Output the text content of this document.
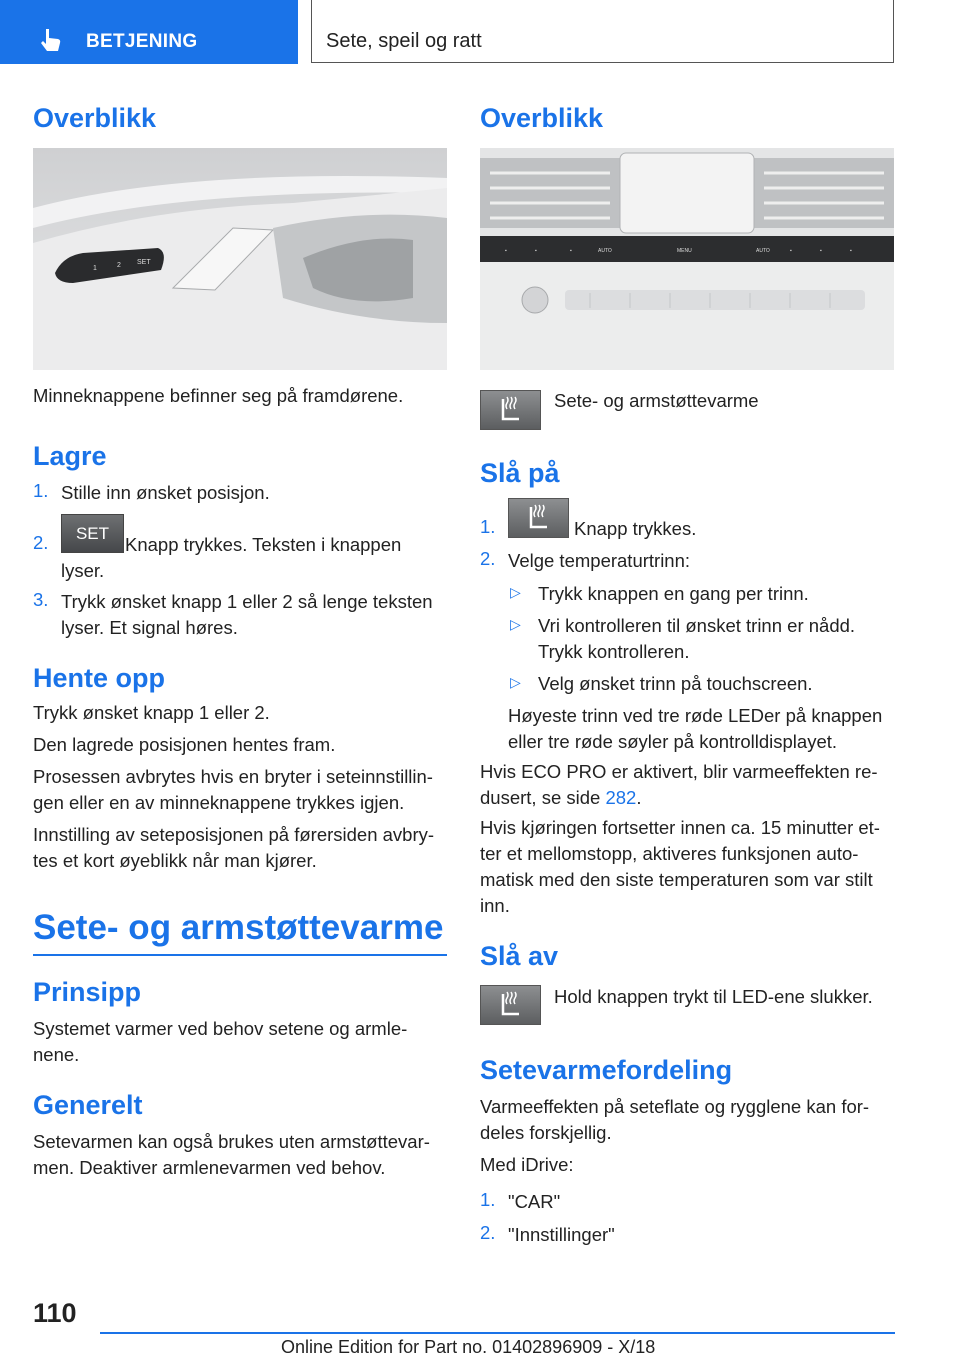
BETJENING	Sete, speil og ratt
Overblikk
1	2 SET
Minneknappene befinner seg på framdørene.
Lagre
1. Stille inn ønsket posisjon.
2.	SET
Knapp trykkes. Teksten i knappen lyser.
3. Trykk ønsket knapp 1 eller 2 så lenge teksten lyser. Et signal høres.
Hente opp
Trykk ønsket knapp 1 eller 2.
Den lagrede posisjonen hentes fram.
Prosessen avbrytes hvis en bryter i seteinnstillin-gen eller en av minneknappene trykkes igjen.
Innstilling av seteposisjonen på førersiden avbry-tes et kort øyeblikk når man kjører.
Sete- og armstøttevarme
Prinsipp
Systemet varmer ved behov setene og armle-nene.
Generelt
Setevarmen kan også brukes uten armstøttevar-men. Deaktiver armlenevarmen ved behov.
Overblikk
▪	▪	▪	AUTO	MENU	AUTO	▪	▪	▪
Sete- og armstøttevarme
Slå på
1.	Knapp trykkes.
2. Velge temperaturtrinn:
▷ Trykk knappen en gang per trinn.
▷ Vri kontrolleren til ønsket trinn er nådd. Trykk kontrolleren.
▷ Velg ønsket trinn på touchscreen.
Høyeste trinn ved tre røde LEDer på knappen eller tre røde søyler på kontrolldisplayet.
Hvis ECO PRO er aktivert, blir varmeeffekten re-dusert, se side 282.
Hvis kjøringen fortsetter innen ca. 15 minutter et-ter et mellomstopp, aktiveres funksjonen auto-matisk med den siste temperaturen som var stilt inn.
Slå av
Hold knappen trykt til LED-ene slukker.
Setevarmefordeling
Varmeeffekten på seteflate og rygglene kan for-deles forskjellig.
Med iDrive:
1. "CAR"
2. "Innstillinger"
110
Online Edition for Part no. 01402896909 - X/18
